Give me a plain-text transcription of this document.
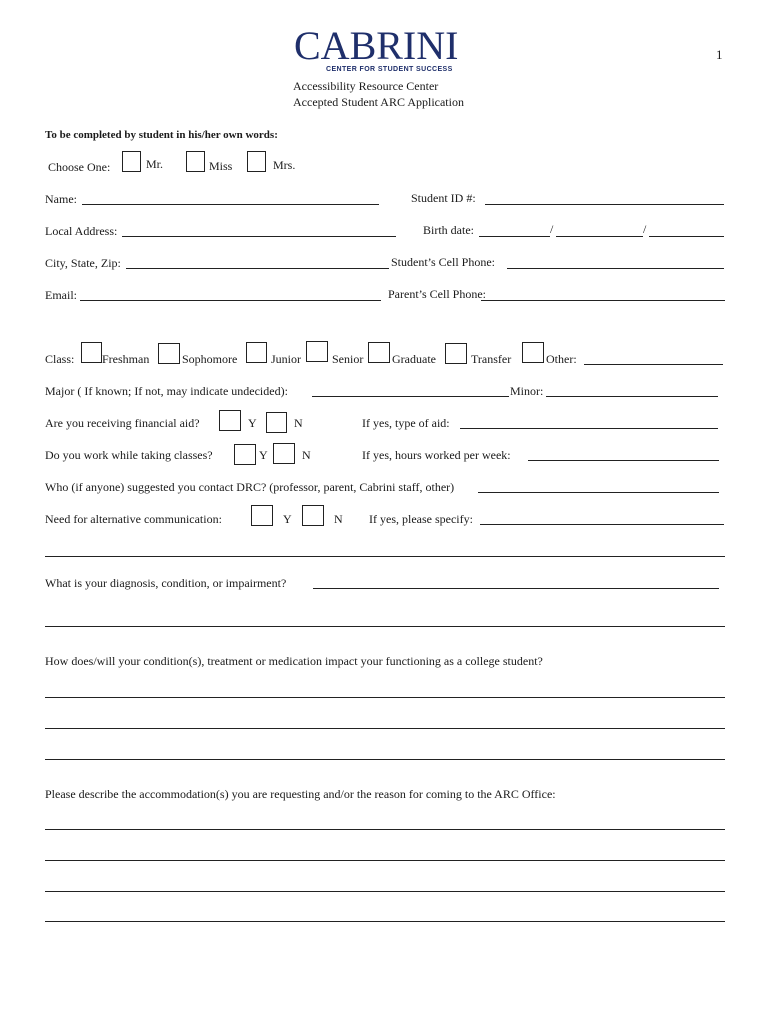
CABRINI
CENTER FOR STUDENT SUCCESS
1
Accessibility Resource Center
Accepted Student ARC Application
To be completed by student in his/her own words:
Choose One:	Mr.	Miss	Mrs.
Name:	Student ID #:
Local Address:	Birth date:	/	/
City, State, Zip:	Student’s Cell Phone:
Email:	Parent’s Cell Phone:
Class: Freshman	Sophomore	Junior	Senior Graduate	Transfer	Other:
Major ( If known; If not, may indicate undecided):	Minor:
Are you receiving financial aid?	Y	N	If yes, type of aid:
Do you work while taking classes?	Y	N	If yes, hours worked per week:
Who (if anyone) suggested you contact DRC? (professor, parent, Cabrini staff, other)
Need for alternative communication:	Y	N If yes, please specify:
What is your diagnosis, condition, or impairment?
How does/will your condition(s), treatment or medication impact your functioning as a college student?
Please describe the accommodation(s) you are requesting and/or the reason for coming to the ARC Office:
